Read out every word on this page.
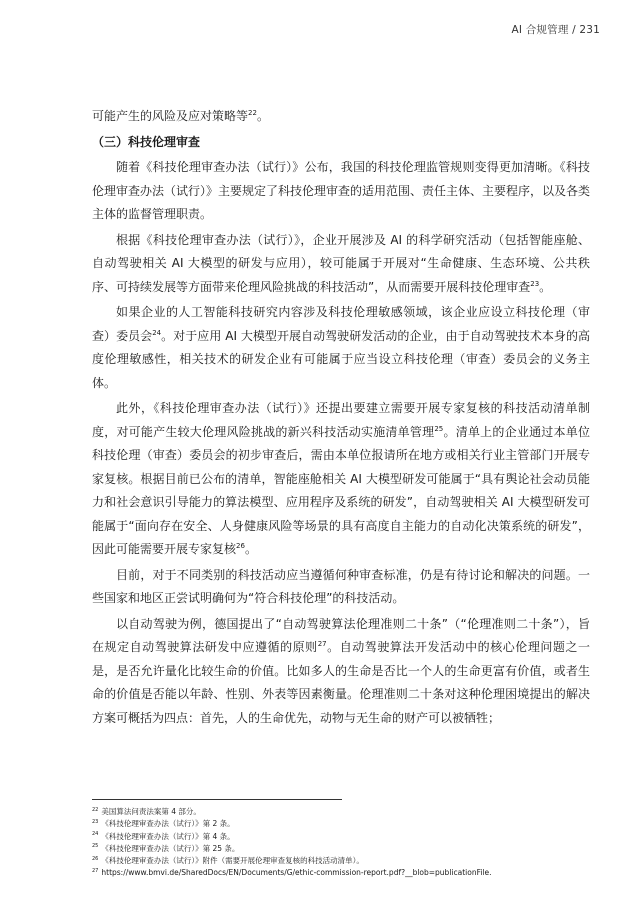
AI 合规管理 / 231

可能产生的风险及应对策略等$^{22}$。

（三）科技伦理审查

随着《科技伦理审查办法（试行）》公布，我国的科技伦理监管规则变得更加清晰。《科技伦理审查办法（试行）》主要规定了科技伦理审查的适用范围、责任主体、主要程序，以及各类主体的监督管理职责。

根据《科技伦理审查办法（试行）》，企业开展涉及 AI 的科学研究活动（包括智能座舱、自动驾驶相关 AI 大模型的研发与应用），较可能属于开展对“生命健康、生态环境、公共秩序、可持续发展等方面带来伦理风险挑战的科技活动”，从而需要开展科技伦理审查$^{23}$。

如果企业的人工智能科技研究内容涉及科技伦理敏感领域，该企业应设立科技伦理（审查）委员会$^{24}$。对于应用 AI 大模型开展自动驾驶研发活动的企业，由于自动驾驶技术本身的高度伦理敏感性，相关技术的研发企业有可能属于应当设立科技伦理（审查）委员会的义务主体。

此外，《科技伦理审查办法（试行）》还提出要建立需要开展专家复核的科技活动清单制度，对可能产生较大伦理风险挑战的新兴科技活动实施清单管理$^{25}$。清单上的企业通过本单位科技伦理（审查）委员会的初步审查后，需由本单位报请所在地方或相关行业主管部门开展专家复核。根据目前已公布的清单，智能座舱相关 AI 大模型研发可能属于“具有舆论社会动员能力和社会意识引导能力的算法模型、应用程序及系统的研发”，自动驾驶相关 AI 大模型研发可能属于“面向存在安全、人身健康风险等场景的具有高度自主能力的自动化决策系统的研发”，因此可能需要开展专家复核$^{26}$。

目前，对于不同类别的科技活动应当遵循何种审查标准，仍是有待讨论和解决的问题。一些国家和地区正尝试明确何为“符合科技伦理”的科技活动。

以自动驾驶为例，德国提出了“自动驾驶算法伦理准则二十条”（“伦理准则二十条”），旨在规定自动驾驶算法研发中应遵循的原则$^{27}$。自动驾驶算法开发活动中的核心伦理问题之一是，是否允许量化比较生命的价值。比如多人的生命是否比一个人的生命更富有价值，或者生命的价值是否能以年龄、性别、外表等因素衡量。伦理准则二十条对这种伦理困境提出的解决方案可概括为四点：首先，人的生命优先，动物与无生命的财产可以被牺牲；

$^{22}$ 美国算法问责法案第 4 部分。

$^{23}$ 《科技伦理审查办法（试行）》第 2 条。

$^{24}$ 《科技伦理审查办法（试行）》第 4 条。

$^{25}$ 《科技伦理审查办法（试行）》第 25 条。

$^{26}$ 《科技伦理审查办法（试行）》附件（需要开展伦理审查复核的科技活动清单）。

$^{27}$ https://www.bmvi.de/SharedDocs/EN/Documents/G/ethic-commission-report.pdf?__blob=publicationFile.
